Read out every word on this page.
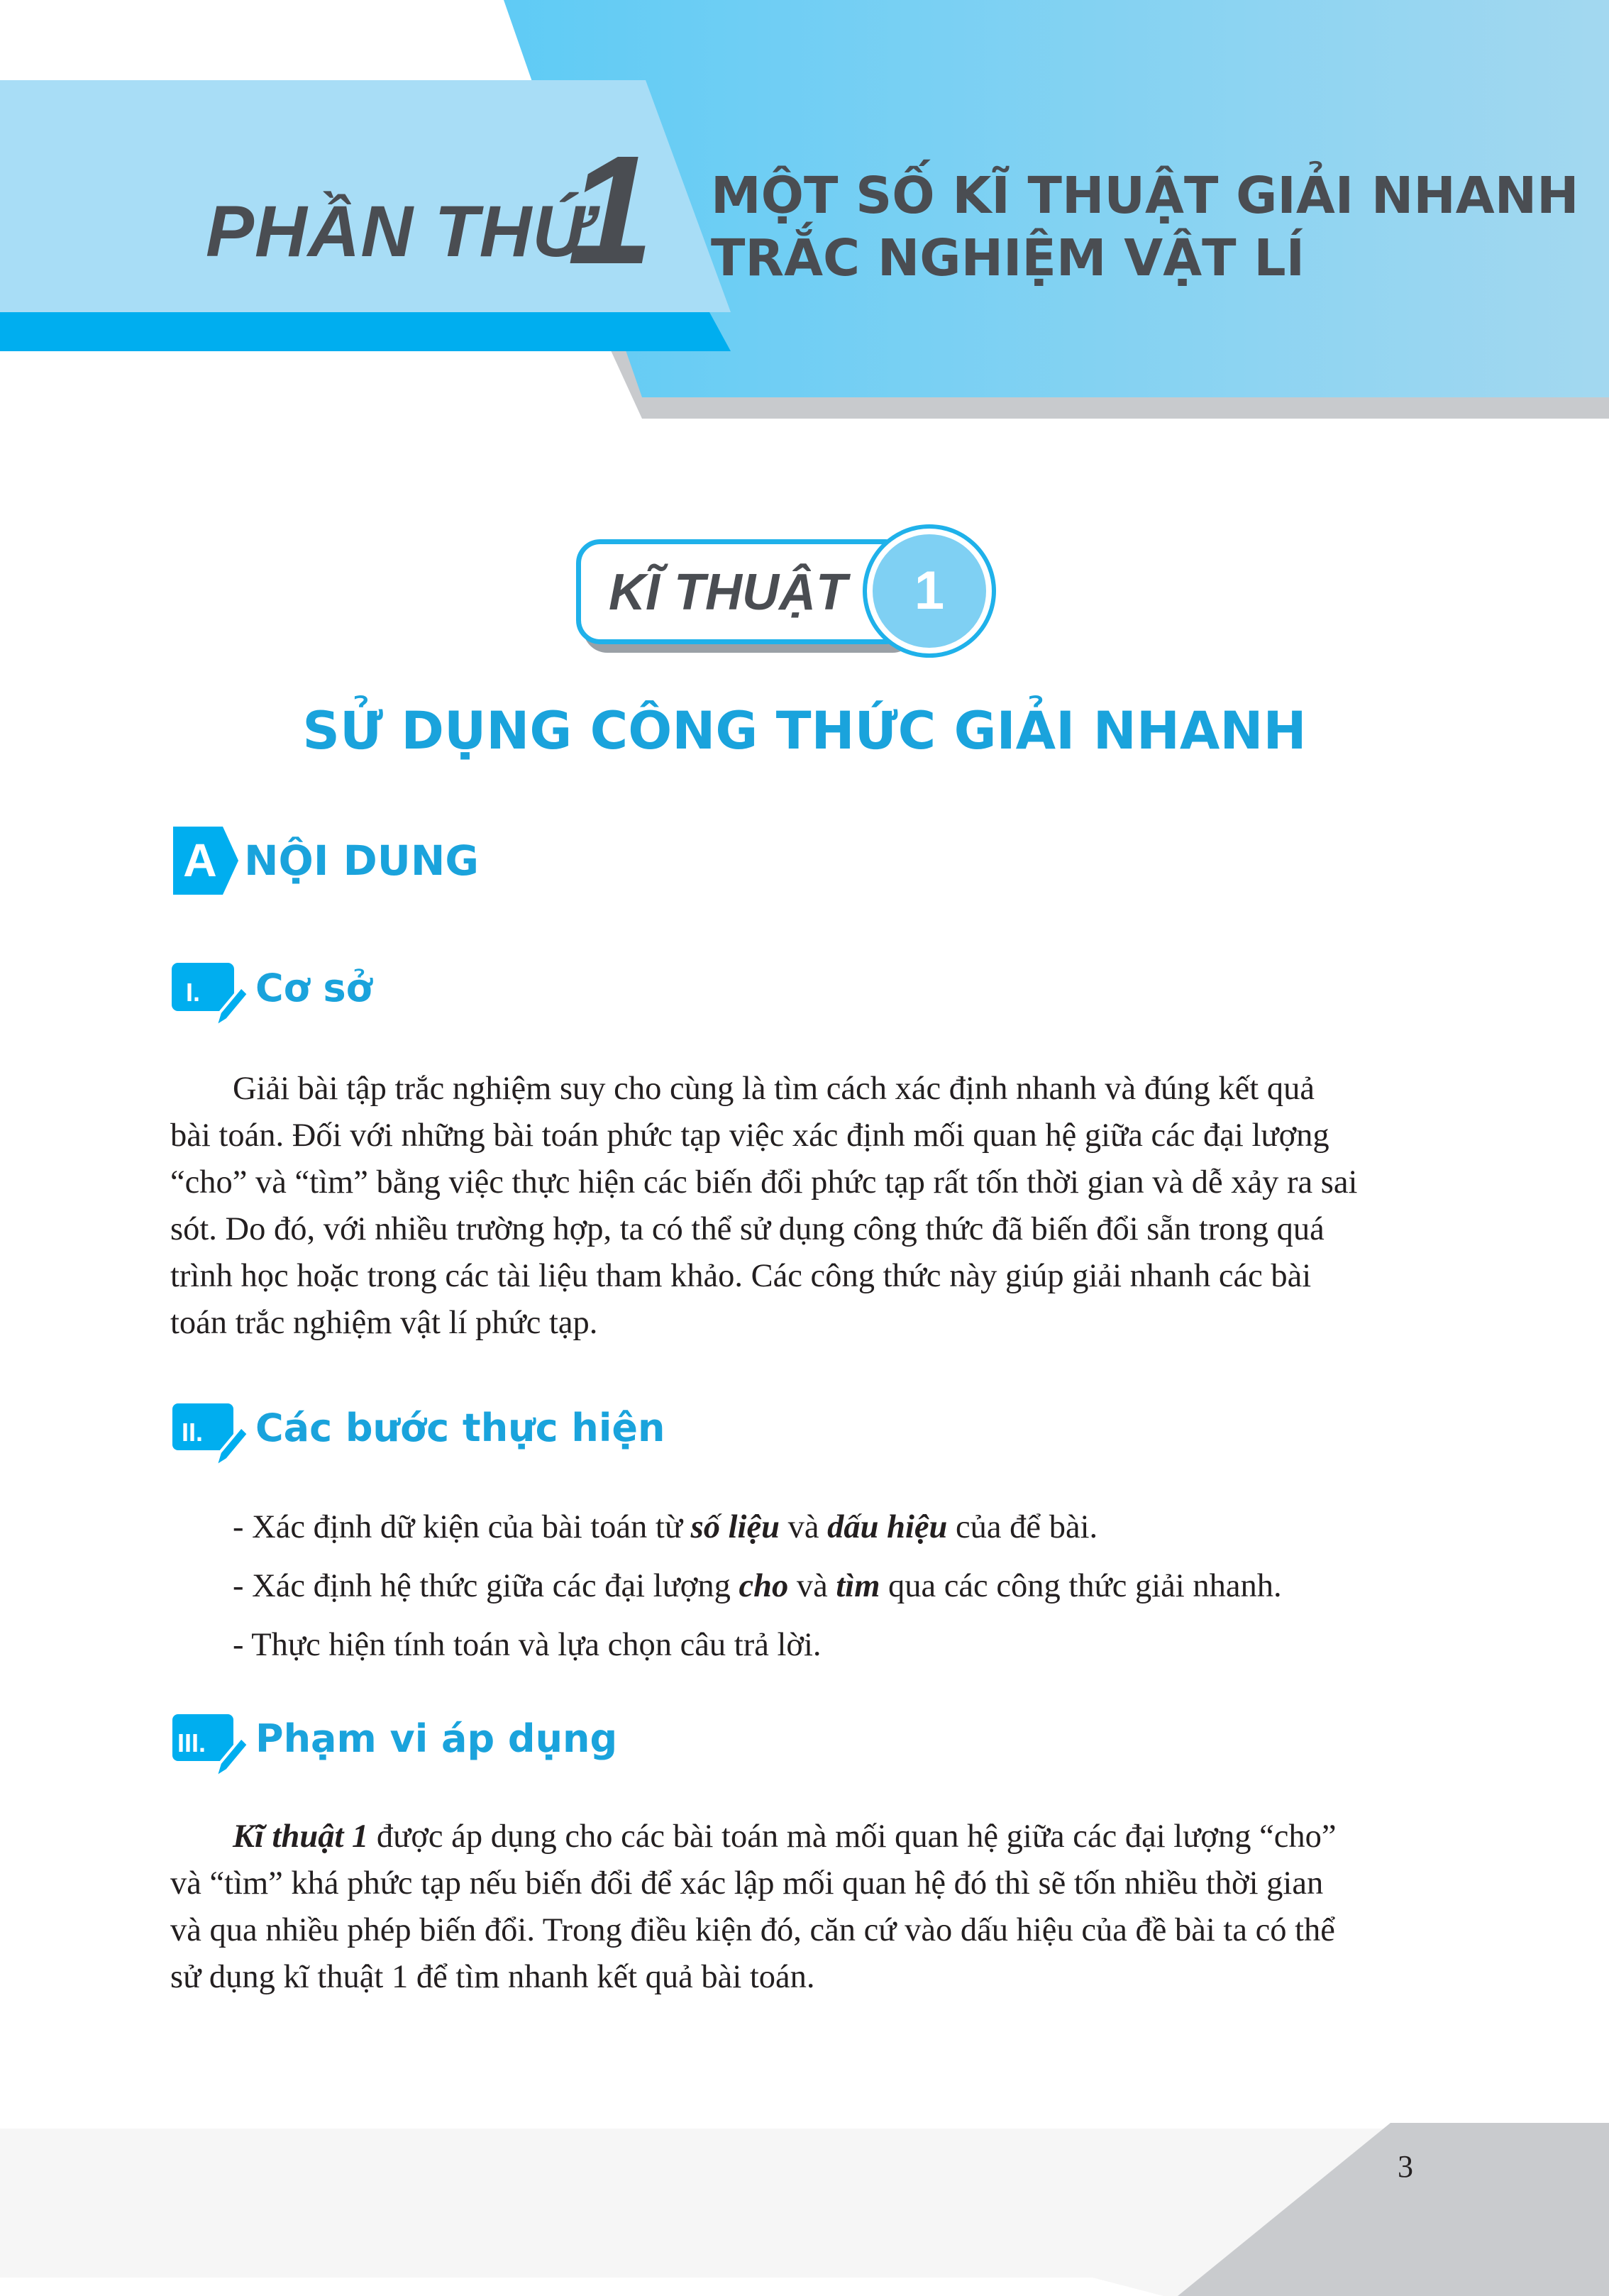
PHẦN THỨ
1 MỘT SỐ KĨ THUẬT GIẢI NHANH
TRẮC NGHIỆM VẬT LÍ
KĨ THUẬT	1
SỬ DỤNG CÔNG THỨC GIẢI NHANH
A NỘI DUNG
I. Cơ sở
Giải bài tập trắc nghiệm suy cho cùng là tìm cách xác định nhanh và đúng kết quả
bài toán. Đối với những bài toán phức tạp việc xác định mối quan hệ giữa các đại lượng
“cho” và “tìm” bằng việc thực hiện các biến đổi phức tạp rất tốn thời gian và dễ xảy ra sai
sót. Do đó, với nhiều trường hợp, ta có thể sử dụng công thức đã biến đổi sẵn trong quá
trình học hoặc trong các tài liệu tham khảo. Các công thức này giúp giải nhanh các bài
toán trắc nghiệm vật lí phức tạp.
II. Các bước thực hiện
- Xác định dữ kiện của bài toán từ số liệu và dấu hiệu của để bài.
- Xác định hệ thức giữa các đại lượng cho và tìm qua các công thức giải nhanh.
- Thực hiện tính toán và lựa chọn câu trả lời.
III. Phạm vi áp dụng
Kĩ thuật 1 được áp dụng cho các bài toán mà mối quan hệ giữa các đại lượng “cho”
và “tìm” khá phức tạp nếu biến đổi để xác lập mối quan hệ đó thì sẽ tốn nhiều thời gian
và qua nhiều phép biến đổi. Trong điều kiện đó, căn cứ vào dấu hiệu của đề bài ta có thể
sử dụng kĩ thuật 1 để tìm nhanh kết quả bài toán.
3
